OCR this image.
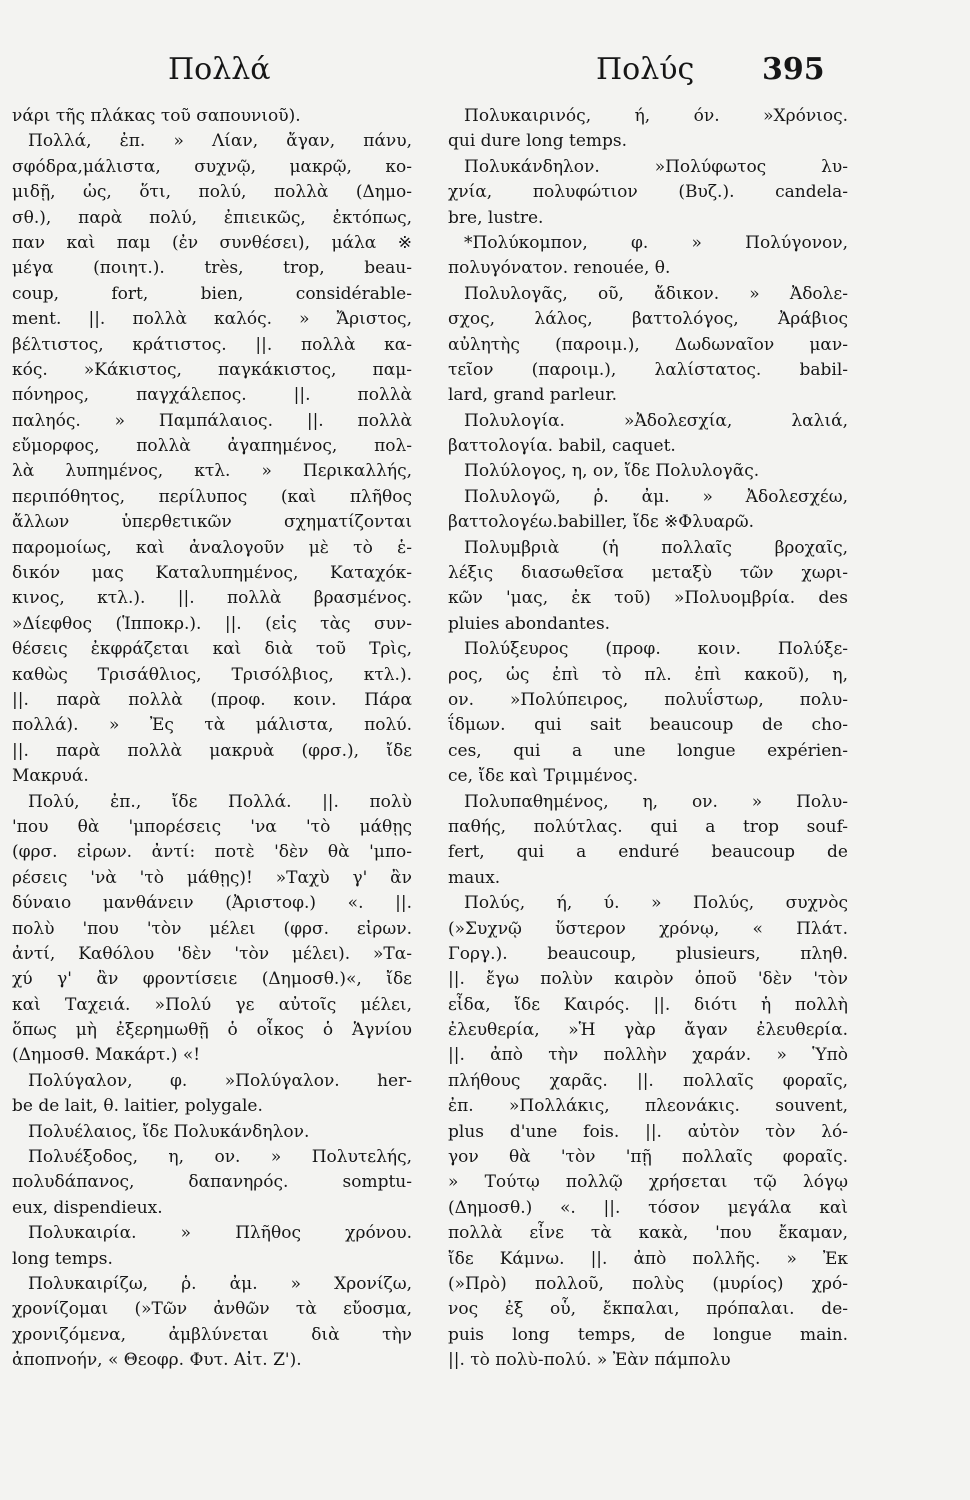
Πολλά	Πολύς 395
νάρι τῆς πλάκας τοῦ σαπουνιοῦ).
Πολλά, ἐπ. » Λίαν, ἄγαν, πάνυ,
σφόδρα,μάλιστα, συχνῷ, μακρῷ, κο-
μιδῇ, ὡς, ὅτι, πολύ, πολλὰ (Δημο-
σθ.), παρὰ πολύ, ἐπιεικῶς, ἐκτόπως,
παν καὶ παμ (ἐν συνθέσει), μάλα ※
μέγα (ποιητ.). très, trop, beau-
coup, fort, bien, considérable-
ment. ||. πολλὰ καλός. » Ἄριστος,
βέλτιστος, κράτιστος. ||. πολλὰ κα-
κός. »Κάκιστος, παγκάκιστος, παμ-
πόνηρος, παγχάλεπος. ||. πολλὰ
παληός. » Παμπάλαιος. ||. πολλὰ
εὔμορφος, πολλὰ ἀγαπημένος, πολ-
λὰ λυπημένος, κτλ. » Περικαλλής,
περιπόθητος, περίλυπος (καὶ πλῆθος
ἄλλων ὑπερθετικῶν σχηματίζονται
παρομοίως, καὶ ἀναλογοῦν μὲ τὸ ἑ-
δικόν μας Καταλυπημένος, Καταχόκ-
κινος, κτλ.). ||. πολλὰ βρασμένος.
»Δίεφθος (Ἱπποκρ.). ||. (εἰς τὰς συν-
θέσεις ἐκφράζεται καὶ διὰ τοῦ Τρὶς,
καθὼς Τρισάθλιος, Τρισόλβιος, κτλ.).
||. παρὰ πολλὰ (προφ. κοιν. Πάρα
πολλά). » Ἐς τὰ μάλιστα, πολύ.
||. παρὰ πολλὰ μακρυὰ (φρσ.), ἴδε
Μακρυά.
Πολύ, ἐπ., ἴδε Πολλά. ||. πολὺ
'που θὰ 'μπορέσεις 'να 'τὸ μάθῃς
(φρσ. εἰρων. ἀντί: ποτὲ 'δὲν θὰ 'μπο-
ρέσεις 'νὰ 'τὸ μάθῃς)! »Ταχὺ γ' ἂν
δύναιο μανθάνειν (Ἀριστοφ.) «. ||.
πολὺ 'που 'τὸν μέλει (φρσ. εἰρων.
ἀντί, Καθόλου 'δὲν 'τὸν μέλει). »Τα-
χύ γ' ἂν φροντίσειε (Δημοσθ.)«, ἴδε
καὶ Ταχειά. »Πολύ γε αὐτοῖς μέλει,
ὅπως μὴ ἐξερημωθῇ ὁ οἶκος ὁ Ἁγνίου
(Δημοσθ. Μακάρτ.) «!
Πολύγαλον, φ. »Πολύγαλον. her-
be de lait, θ. laitier, polygale.
Πολυέλαιος, ἴδε Πολυκάνδηλον.
Πολυέξοδος, η, ον. » Πολυτελής,
πολυδάπανος, δαπανηρός. somptu-
eux, dispendieux.
Πολυκαιρία. » Πλῆθος χρόνου.
long temps.
Πολυκαιρίζω, ῥ. ἀμ. » Χρονίζω,
χρονίζομαι (»Τῶν ἀνθῶν τὰ εὔοσμα,
χρονιζόμενα, ἀμβλύνεται διὰ τὴν
ἀποπνοήν, « Θεοφρ. Φυτ. Αἰτ. Ζ').
Πολυκαιρινός, ή, όν. »Χρόνιος.
qui dure long temps.
Πολυκάνδηλον. »Πολύφωτος λυ-
χνία, πολυφώτιον (Βυζ.). candela-
bre, lustre.
*Πολύκομπον, φ. » Πολύγονον,
πολυγόνατον. renouée, θ.
Πολυλογᾶς, οῦ, ἄδικον. » Ἀδολε-
σχος, λάλος, βαττολόγος, Ἀράβιος
αὐλητὴς (παροιμ.), Δωδωναῖον μαν-
τεῖον (παροιμ.), λαλίστατος. babil-
lard, grand parleur.
Πολυλογία. »Ἀδολεσχία, λαλιά,
βαττολογία. babil, caquet.
Πολύλογος, η, ον, ἴδε Πολυλογᾶς.
Πολυλογῶ, ῥ. ἀμ. » Ἀδολεσχέω,
βαττολογέω.babiller, ἴδε ※Φλυαρῶ.
Πολυμβριὰ (ἡ πολλαῖς βροχαῖς,
λέξις διασωθεῖσα μεταξὺ τῶν χωρι-
κῶν 'μας, ἐκ τοῦ) »Πολυομβρία. des
pluies abondantes.
Πολύξευρος (προφ. κοιν. Πολύξε-
ρος, ὡς ἐπὶ τὸ πλ. ἐπὶ κακοῦ), η,
ον. »Πολύπειρος, πολυΐστωρ, πολυ-
ΐδμων. qui sait beaucoup de cho-
ces, qui a une longue expérien-
ce, ἴδε καὶ Τριμμένος.
Πολυπαθημένος, η, ον. » Πολυ-
παθής, πολύτλας. qui a trop souf-
fert, qui a enduré beaucoup de
maux.
Πολύς, ή, ύ. » Πολύς, συχνὸς
(»Συχνῷ ὕστερον χρόνῳ, « Πλάτ.
Γοργ.). beaucoup, plusieurs, πληθ.
||. ἔγω πολὺν καιρὸν ὁποῦ 'δὲν 'τὸν
εἶδα, ἴδε Καιρός. ||. διότι ἡ πολλὴ
ἐλευθερία, »Ἡ γὰρ ἄγαν ἐλευθερία.
||. ἀπὸ τὴν πολλὴν χαράν. » Ὑπὸ
πλήθους χαρᾶς. ||. πολλαῖς φοραῖς,
ἐπ. »Πολλάκις, πλεονάκις. souvent,
plus d'une fois. ||. αὐτὸν τὸν λό-
γον θὰ 'τὸν 'πῇ πολλαῖς φοραῖς.
» Τούτῳ πολλῷ χρήσεται τῷ λόγῳ
(Δημοσθ.) «. ||. τόσον μεγάλα καὶ
πολλὰ εἶνε τὰ κακὰ, 'που ἔκαμαν,
ἴδε Κάμνω. ||. ἀπὸ πολλῆς. » Ἐκ
(»Πρὸ) πολλοῦ, πολὺς (μυρίος) χρό-
νος ἐξ οὗ, ἔκπαλαι, πρόπαλαι. de-
puis long temps, de longue main.
||. τὸ πολὺ-πολύ. » Ἐὰν πάμπολυ
